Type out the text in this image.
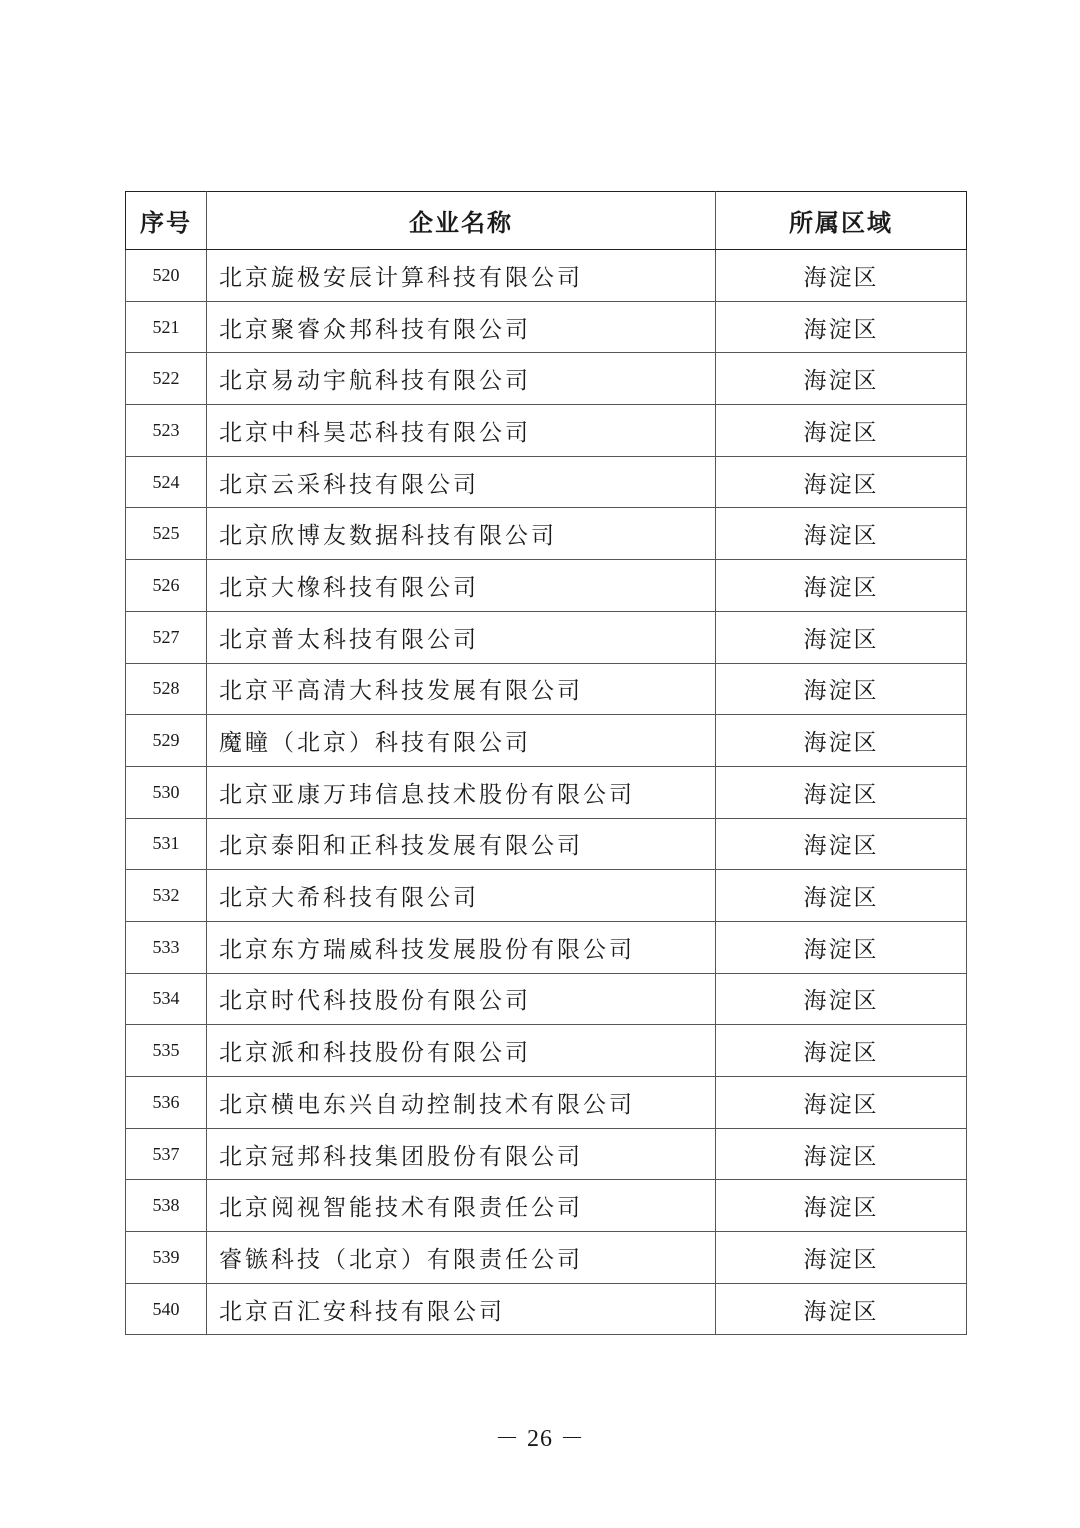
序号	企业名称	所属区域
520	北京旋极安辰计算科技有限公司	海淀区
521	北京聚睿众邦科技有限公司	海淀区
522	北京易动宇航科技有限公司	海淀区
523	北京中科昊芯科技有限公司	海淀区
524	北京云采科技有限公司	海淀区
525	北京欣博友数据科技有限公司	海淀区
526	北京大橡科技有限公司	海淀区
527	北京普太科技有限公司	海淀区
528	北京平高清大科技发展有限公司	海淀区
529	魔瞳（北京）科技有限公司	海淀区
530	北京亚康万玮信息技术股份有限公司	海淀区
531	北京泰阳和正科技发展有限公司	海淀区
532	北京大希科技有限公司	海淀区
533	北京东方瑞威科技发展股份有限公司	海淀区
534	北京时代科技股份有限公司	海淀区
535	北京派和科技股份有限公司	海淀区
536	北京横电东兴自动控制技术有限公司	海淀区
537	北京冠邦科技集团股份有限公司	海淀区
538	北京阅视智能技术有限责任公司	海淀区
539	睿镞科技（北京）有限责任公司	海淀区
540	北京百汇安科技有限公司	海淀区
－ 26 －
